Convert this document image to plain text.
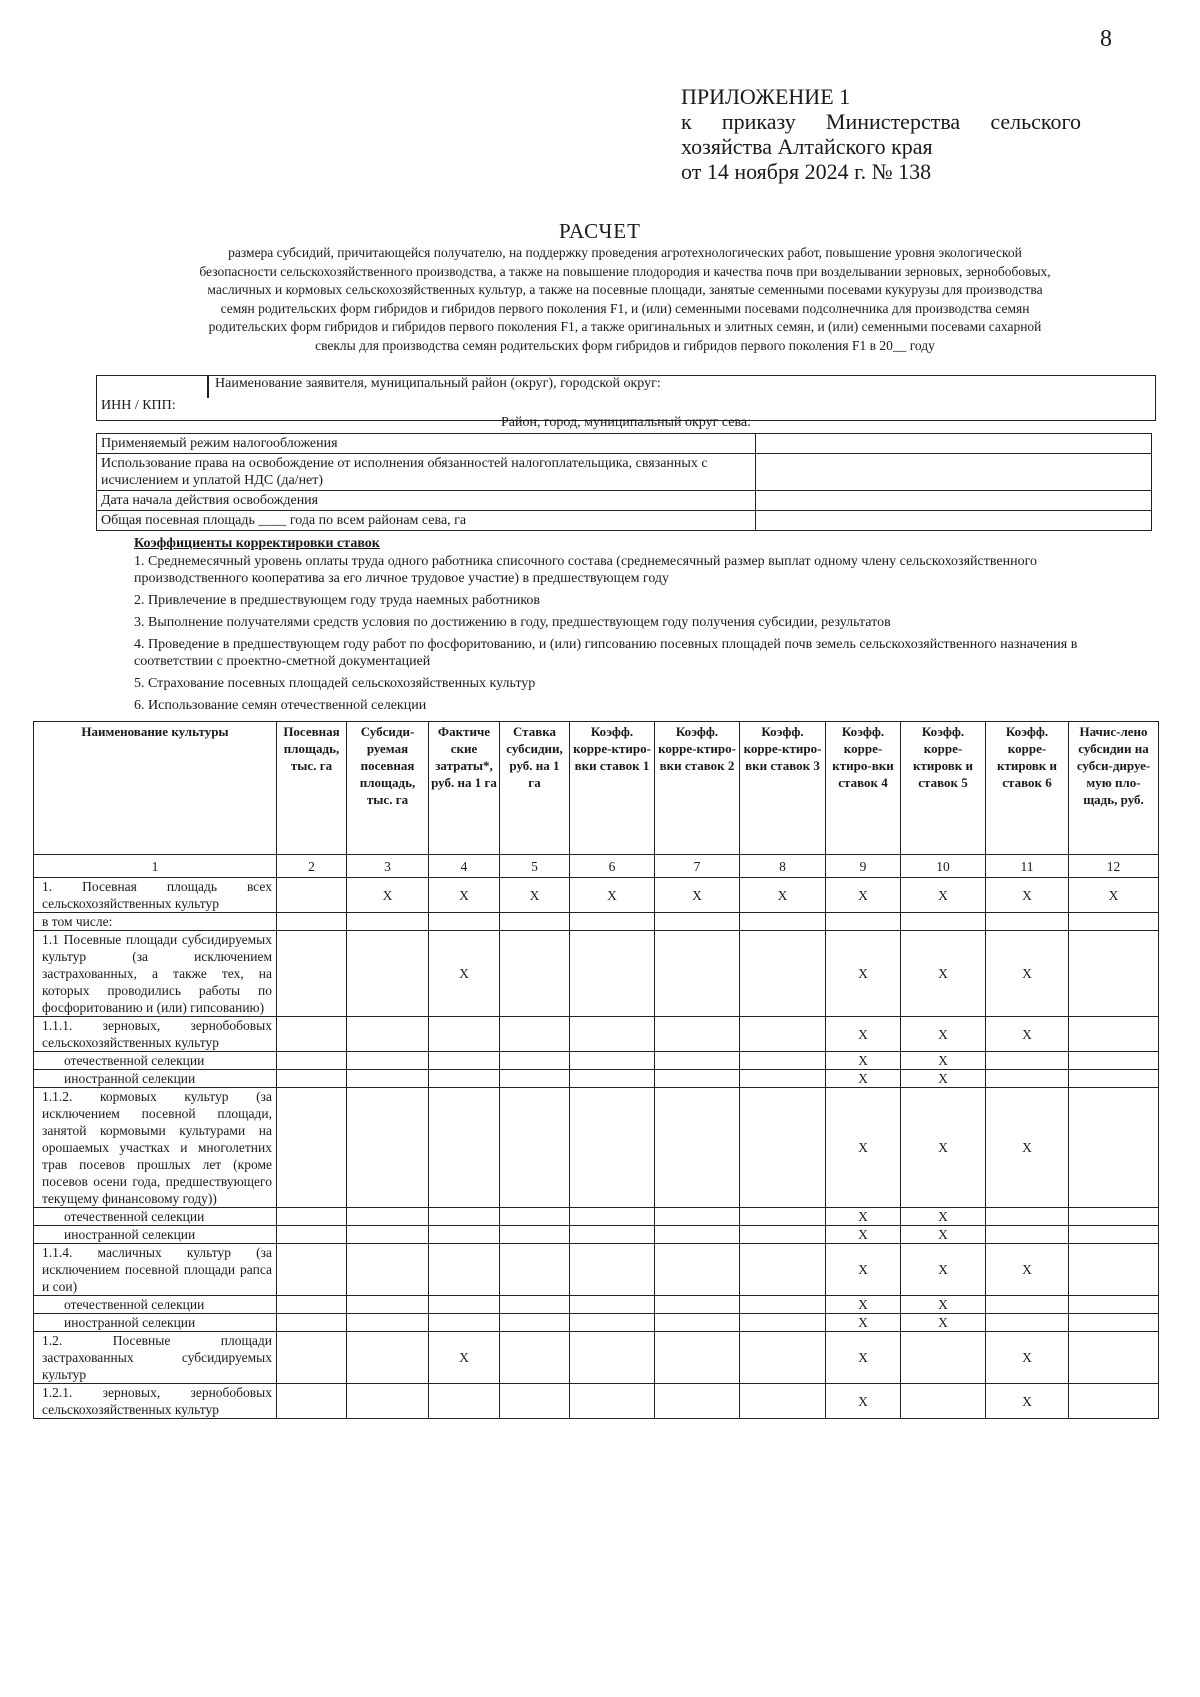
8
ПРИЛОЖЕНИЕ 1
к приказу Министерства сельского
хозяйства Алтайского края
от 14 ноября 2024 г. № 138
РАСЧЕТ
размера субсидий, причитающейся получателю, на поддержку проведения агротехнологических работ, повышение уровня экологической
безопасности сельскохозяйственного производства, а также на повышение плодородия и качества почв при возделывании зерновых, зернобобовых,
масличных и кормовых сельскохозяйственных культур, а также на посевные площади, занятые семенными посевами кукурузы для производства
семян родительских форм гибридов и гибридов первого поколения F1, и (или) семенными посевами подсолнечника для производства семян
родительских форм гибридов и гибридов первого поколения F1, а также оригинальных и элитных семян, и (или) семенными посевами сахарной
свеклы для производства семян родительских форм гибридов и гибридов первого поколения F1 в 20__ году
	Наименование заявителя, муниципальный район (округ), городской округ:
ИНН / КПП:
Район, город, муниципальный округ сева:
Применяемый режим налогообложения	
Использование права на освобождение от исполнения обязанностей налогоплательщика, связанных с исчислением и уплатой НДС (да/нет)	
Дата начала действия освобождения	
Общая посевная площадь ____ года по всем районам сева, га	
Коэффициенты корректировки ставок
1. Среднемесячный уровень оплаты труда одного работника списочного состава (среднемесячный размер выплат одному члену сельскохозяйственного производственного кооператива за его личное трудовое участие) в предшествующем году
2. Привлечение в предшествующем году труда наемных работников
3. Выполнение получателями средств условия по достижению в году, предшествующем году получения субсидии, результатов
4. Проведение в предшествующем году работ по фосфоритованию, и (или) гипсованию посевных площадей почв земель сельскохозяйственного назначения в соответствии с проектно-сметной документацией
5. Страхование посевных площадей сельскохозяйственных культур
6. Использование семян отечественной селекции
Наименование культуры	Посевная площадь, тыс. га	Субсиди-руемая посевная площадь, тыс. га	Фактиче ские затраты*, руб. на 1 га	Ставка субсидии, руб. на 1 га	Коэфф. корре-ктиро-вки ставок 1	Коэфф. корре-ктиро-вки ставок 2	Коэфф. корре-ктиро-вки ставок 3	Коэфф. корре-ктиро-вки ставок 4	Коэфф. корре-ктировк и ставок 5	Коэфф. корре-ктировк и ставок 6	Начис-лено субсидии на субси-дируе-мую пло-щадь, руб.
1	2	3	4	5	6	7	8	9	10	11	12
1. Посевная площадь всех сельскохозяйственных культур		X	X	X	X	X	X	X	X	X	X
в том числе:											
1.1 Посевные площади субсидируемых культур (за исключением застрахованных, а также тех, на которых проводились работы по фосфоритованию и (или) гипсованию)			X					X	X	X	
1.1.1. зерновых, зернобобовых сельскохозяйственных культур								X	X	X	
отечественной селекции								X	X		
иностранной селекции								X	X		
1.1.2. кормовых культур (за исключением посевной площади, занятой кормовыми культурами на орошаемых участках и многолетних трав посевов прошлых лет (кроме посевов осени года, предшествующего текущему финансовому году))								X	X	X	
отечественной селекции								X	X		
иностранной селекции								X	X		
1.1.4. масличных культур (за исключением посевной площади рапса и сои)								X	X	X	
отечественной селекции								X	X		
иностранной селекции								X	X		
1.2. Посевные площади застрахованных субсидируемых культур			X					X		X	
1.2.1. зерновых, зернобобовых сельскохозяйственных культур								X		X	
